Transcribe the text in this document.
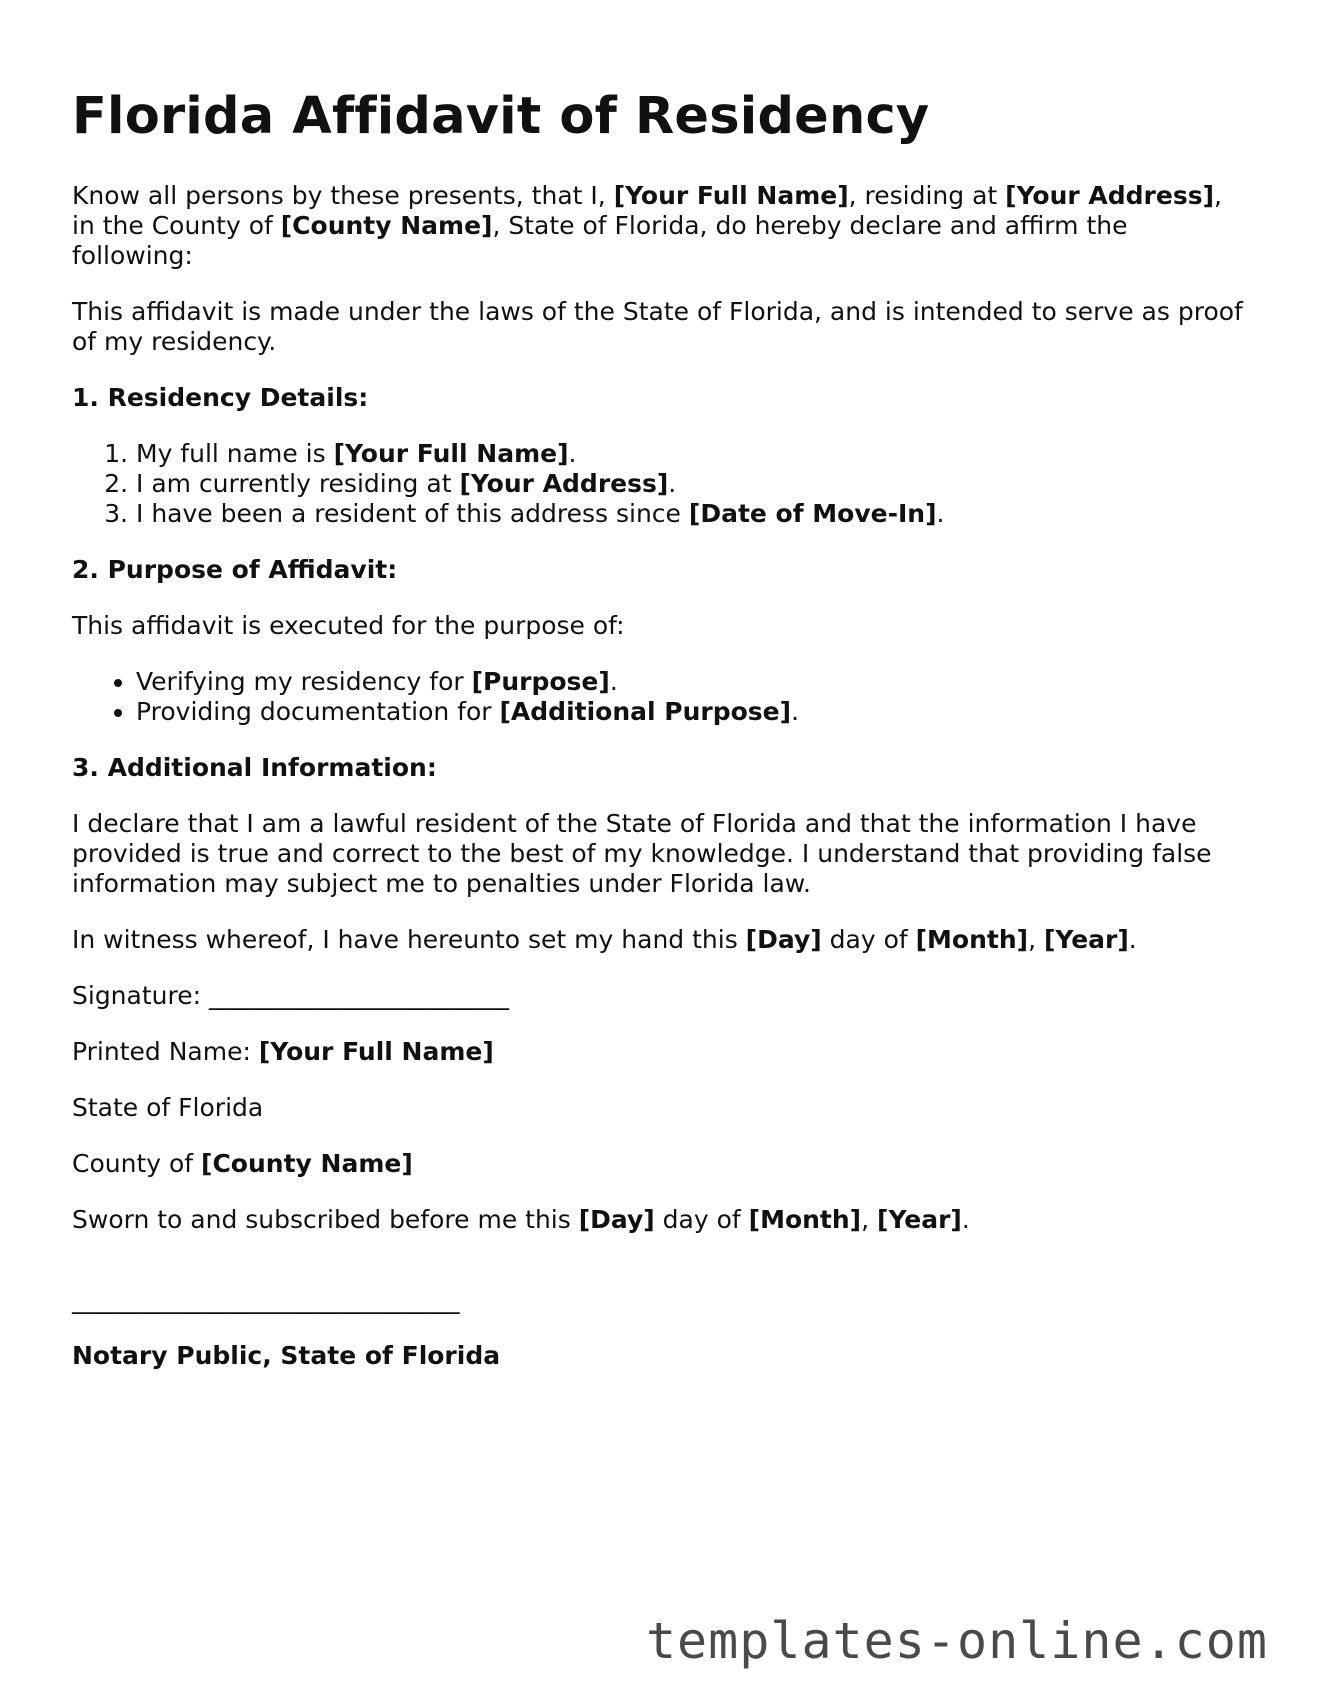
Florida Affidavit of Residency

Know all persons by these presents, that I, [Your Full Name], residing at [Your Address], in the County of [County Name], State of Florida, do hereby declare and affirm the following:

This affidavit is made under the laws of the State of Florida, and is intended to serve as proof of my residency.

1. Residency Details:
1. My full name is [Your Full Name].
2. I am currently residing at [Your Address].
3. I have been a resident of this address since [Date of Move-In].
2. Purpose of Affidavit:

This affidavit is executed for the purpose of:

• Verifying my residency for [Purpose].
• Providing documentation for [Additional Purpose].
3. Additional Information:

I declare that I am a lawful resident of the State of Florida and that the information I have provided is true and correct to the best of my knowledge. I understand that providing false information may subject me to penalties under Florida law.

In witness whereof, I have hereunto set my hand this [Day] day of [Month], [Year].

Signature: ________________________

Printed Name: [Your Full Name]

State of Florida

County of [County Name]

Sworn to and subscribed before me this [Day] day of [Month], [Year].

_______________________________

Notary Public, State of Florida

templates-online.com
